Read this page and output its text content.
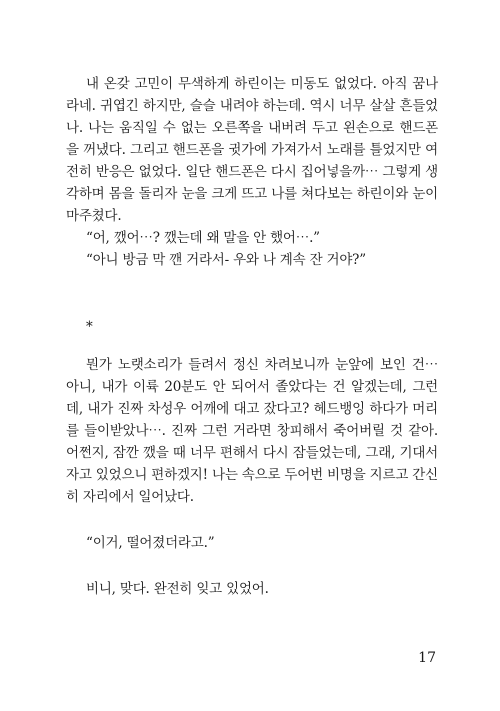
내 온갖 고민이 무색하게 하린이는 미동도 없었다. 아직 꿈나라네. 귀엽긴 하지만, 슬슬 내려야 하는데. 역시 너무 살살 흔들었나. 나는 움직일 수 없는 오른쪽을 내버려 두고 왼손으로 핸드폰을 꺼냈다. 그리고 핸드폰을 귓가에 가져가서 노래를 틀었지만 여전히 반응은 없었다. 일단 핸드폰은 다시 집어넣을까⋯ 그렇게 생각하며 몸을 돌리자 눈을 크게 뜨고 나를 쳐다보는 하린이와 눈이 마주쳤다.

“어, 깼어⋯? 깼는데 왜 말을 안 했어⋯.”

“아니 방금 막 깬 거라서- 우와 나 계속 잔 거야?”

*

뭔가 노랫소리가 들려서 정신 차려보니까 눈앞에 보인 건⋯ 아니, 내가 이륙 20분도 안 되어서 졸았다는 건 알겠는데, 그런데, 내가 진짜 차성우 어깨에 대고 잤다고? 헤드뱅잉 하다가 머리를 들이받았나⋯. 진짜 그런 거라면 창피해서 죽어버릴 것 같아. 어쩐지, 잠깐 깼을 때 너무 편해서 다시 잠들었는데, 그래, 기대서 자고 있었으니 편하겠지! 나는 속으로 두어번 비명을 지르고 간신히 자리에서 일어났다.

“이거, 떨어졌더라고.”

비니, 맞다. 완전히 잊고 있었어.

17
